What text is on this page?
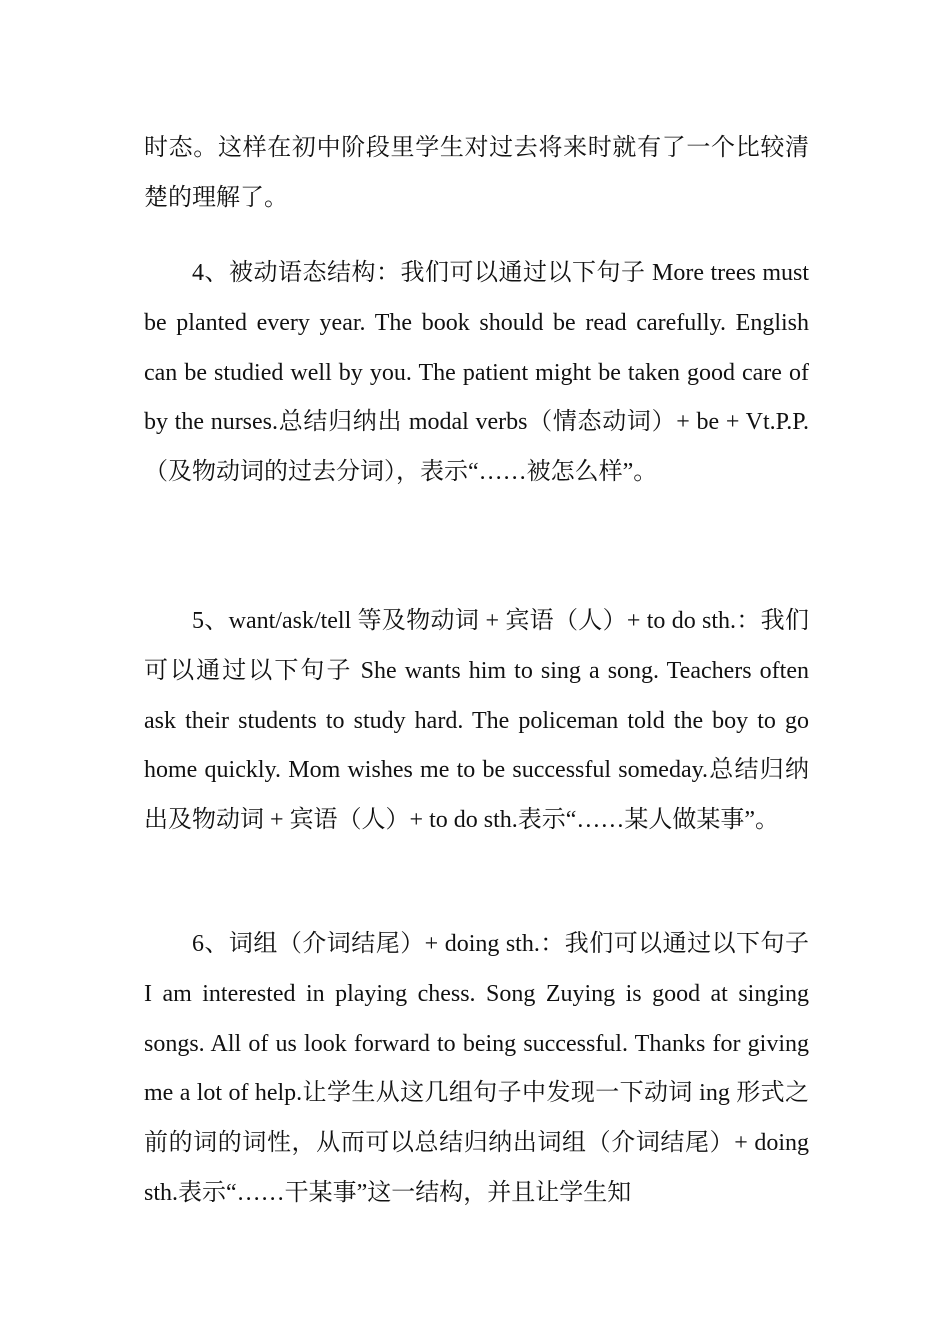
时态。这样在初中阶段里学生对过去将来时就有了一个比较清楚的理解了。

4、被动语态结构：我们可以通过以下句子 More trees must be planted every year. The book should be read carefully. English can be studied well by you. The patient might be taken good care of by the nurses.总结归纳出 modal verbs（情态动词）+ be + Vt.P.P.（及物动词的过去分词），表示“……被怎么样”。

5、want/ask/tell 等及物动词 + 宾语（人）+ to do sth.：我们可以通过以下句子 She wants him to sing a song. Teachers often ask their students to study hard. The policeman told the boy to go home quickly. Mom wishes me to be successful someday.总结归纳出及物动词 + 宾语（人）+ to do sth.表示“……某人做某事”。

6、词组（介词结尾）+ doing sth.：我们可以通过以下句子 I am interested in playing chess. Song Zuying is good at singing songs. All of us look forward to being successful. Thanks for giving me a lot of help.让学生从这几组句子中发现一下动词 ing 形式之前的词的词性，从而可以总结归纳出词组（介词结尾）+ doing sth.表示“……干某事”这一结构，并且让学生知
